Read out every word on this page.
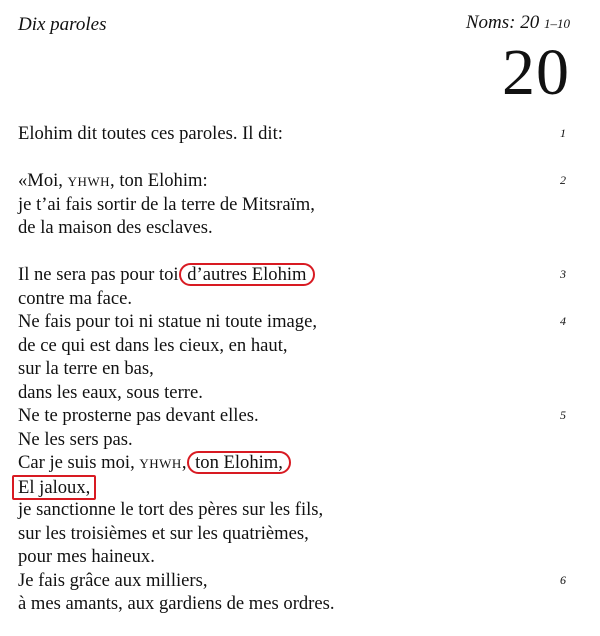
Dix paroles	Noms: 20 1–10
20
Elohim dit toutes ces paroles. Il dit:	1
«Moi, YHWH, ton Elohim:	2
je t’ai fais sortir de la terre de Mitsraïm,
de la maison des esclaves.
Il ne sera pas pour toi d’autres Elohim	3
contre ma face.
Ne fais pour toi ni statue ni toute image,	4
de ce qui est dans les cieux, en haut,
sur la terre en bas,
dans les eaux, sous terre.
Ne te prosterne pas devant elles.	5
Ne les sers pas.
Car je suis moi, YHWH, ton Elohim,
El jaloux,
je sanctionne le tort des pères sur les fils,
sur les troisièmes et sur les quatrièmes,
pour mes haineux.
Je fais grâce aux milliers,	6
à mes amants, aux gardiens de mes ordres.
